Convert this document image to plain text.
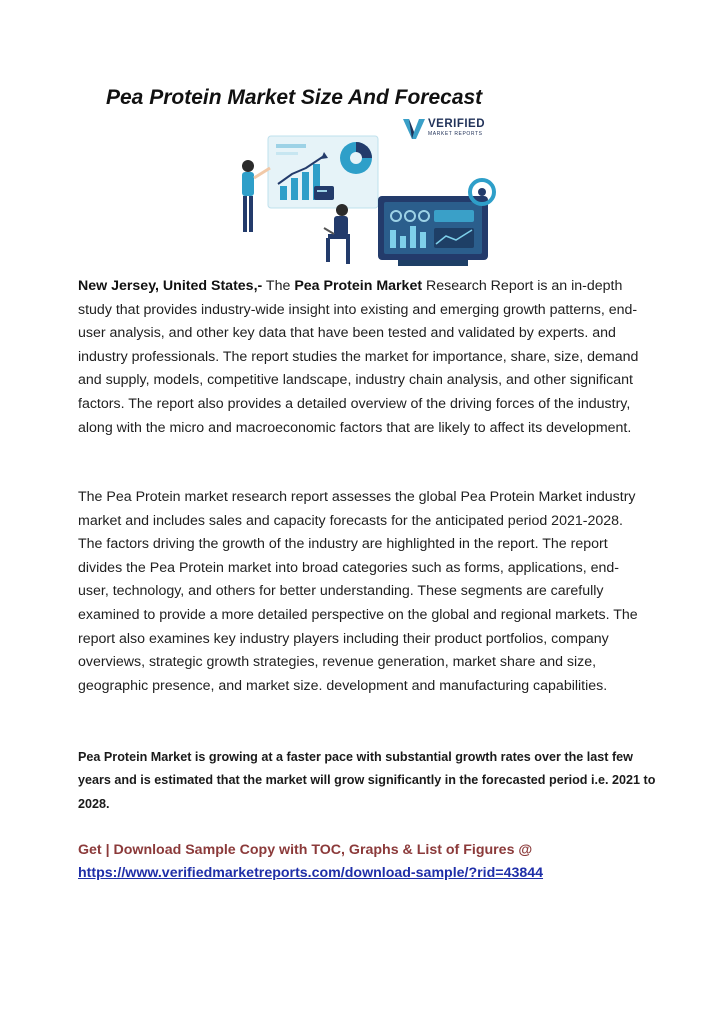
Pea Protein Market Size And Forecast
VERIFIED
MARKET REPORTS

New Jersey, United States,- The Pea Protein Market Research Report is an in-depth study that provides industry-wide insight into existing and emerging growth patterns, end-user analysis, and other key data that have been tested and validated by experts. and industry professionals. The report studies the market for importance, share, size, demand and supply, models, competitive landscape, industry chain analysis, and other significant factors. The report also provides a detailed overview of the driving forces of the industry, along with the micro and macroeconomic factors that are likely to affect its development.

The Pea Protein market research report assesses the global Pea Protein Market industry market and includes sales and capacity forecasts for the anticipated period 2021-2028. The factors driving the growth of the industry are highlighted in the report. The report divides the Pea Protein market into broad categories such as forms, applications, end-user, technology, and others for better understanding. These segments are carefully examined to provide a more detailed perspective on the global and regional markets. The report also examines key industry players including their product portfolios, company overviews, strategic growth strategies, revenue generation, market share and size, geographic presence, and market size. development and manufacturing capabilities.

Pea Protein Market is growing at a faster pace with substantial growth rates over the last few years and is estimated that the market will grow significantly in the forecasted period i.e. 2021 to 2028.

Get | Download Sample Copy with TOC, Graphs & List of Figures @

https://www.verifiedmarketreports.com/download-sample/?rid=43844
